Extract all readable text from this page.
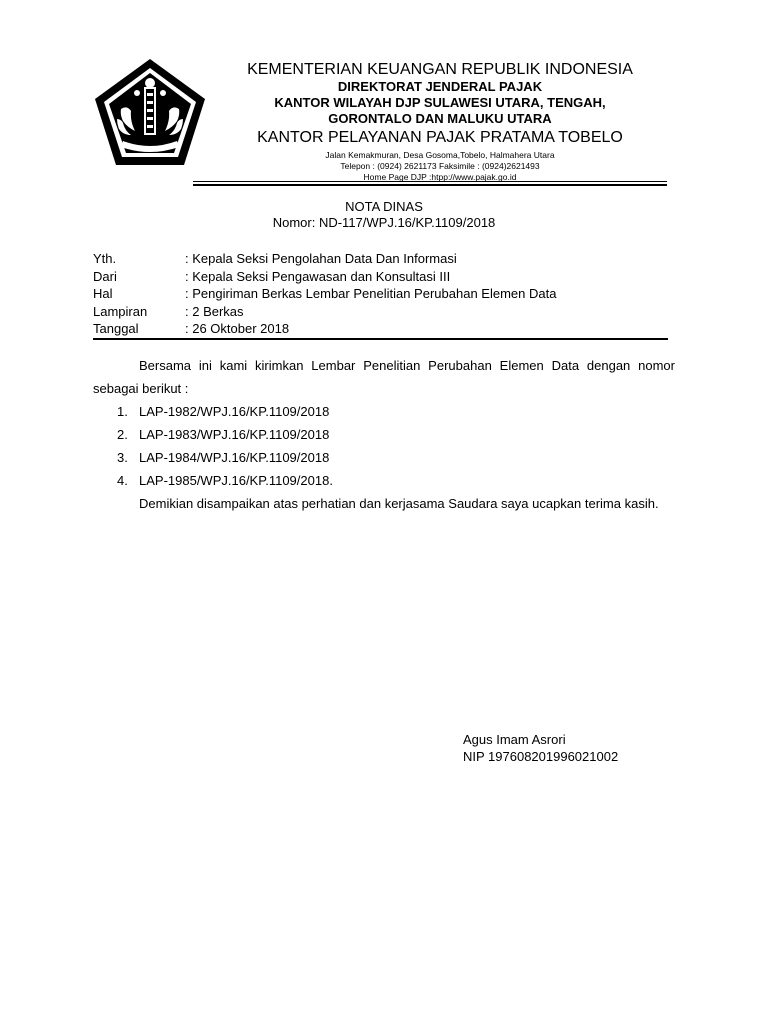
KEMENTERIAN KEUANGAN REPUBLIK INDONESIA
DIREKTORAT JENDERAL PAJAK
KANTOR WILAYAH DJP SULAWESI UTARA, TENGAH,
GORONTALO DAN MALUKU UTARA
KANTOR PELAYANAN PAJAK PRATAMA TOBELO
Jalan Kemakmuran, Desa Gosoma,Tobelo, Halmahera Utara
Telepon : (0924) 2621173 Faksimile : (0924)2621493
Home Page DJP :htpp://www.pajak.go.id
NOTA DINAS
Nomor: ND-117/WPJ.16/KP.1109/2018
Yth.	: Kepala Seksi Pengolahan Data Dan Informasi
Dari	: Kepala Seksi Pengawasan dan Konsultasi III
Hal	: Pengiriman Berkas Lembar Penelitian Perubahan Elemen Data
Lampiran	: 2 Berkas
Tanggal	: 26 Oktober 2018

Bersama ini kami kirimkan Lembar Penelitian Perubahan Elemen Data dengan nomor sebagai berikut :

1. LAP-1982/WPJ.16/KP.1109/2018
2. LAP-1983/WPJ.16/KP.1109/2018
3. LAP-1984/WPJ.16/KP.1109/2018
4. LAP-1985/WPJ.16/KP.1109/2018.

Demikian disampaikan atas perhatian dan kerjasama Saudara saya ucapkan terima kasih.

Agus Imam Asrori
NIP 197608201996021002
